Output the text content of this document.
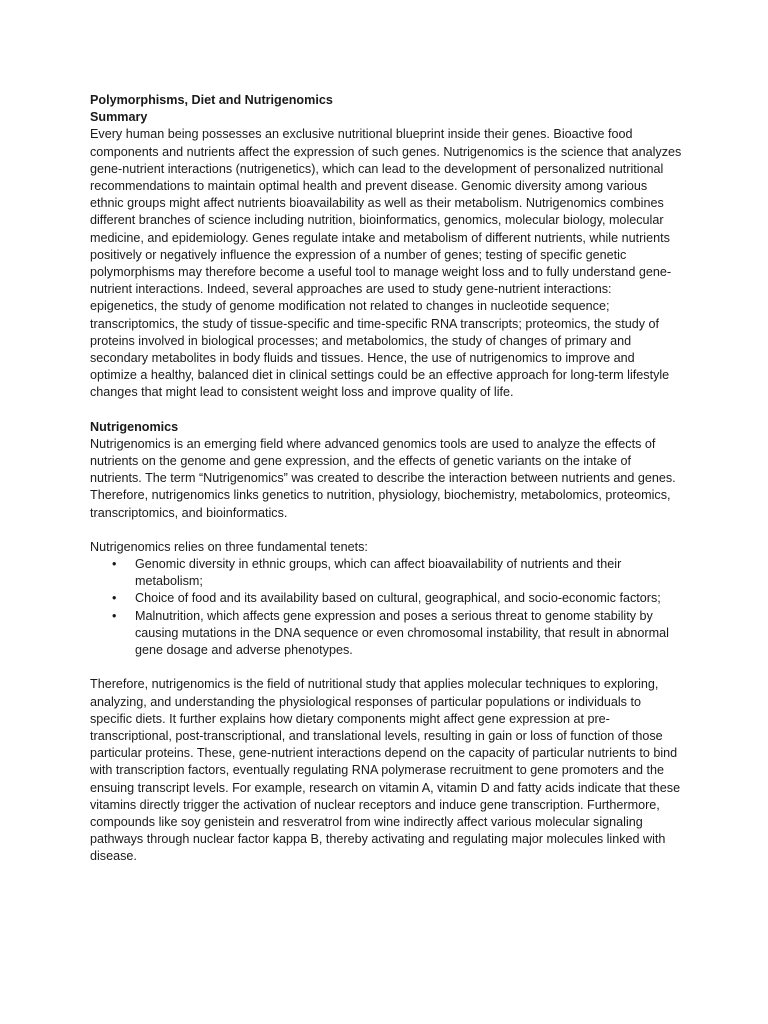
Polymorphisms, Diet and Nutrigenomics

Summary

Every human being possesses an exclusive nutritional blueprint inside their genes. Bioactive food components and nutrients affect the expression of such genes. Nutrigenomics is the science that analyzes gene-nutrient interactions (nutrigenetics), which can lead to the development of personalized nutritional recommendations to maintain optimal health and prevent disease. Genomic diversity among various ethnic groups might affect nutrients bioavailability as well as their metabolism. Nutrigenomics combines different branches of science including nutrition, bioinformatics, genomics, molecular biology, molecular medicine, and epidemiology. Genes regulate intake and metabolism of different nutrients, while nutrients positively or negatively influence the expression of a number of genes; testing of specific genetic polymorphisms may therefore become a useful tool to manage weight loss and to fully understand gene-nutrient interactions. Indeed, several approaches are used to study gene-nutrient interactions: epigenetics, the study of genome modification not related to changes in nucleotide sequence; transcriptomics, the study of tissue-specific and time-specific RNA transcripts; proteomics, the study of proteins involved in biological processes; and metabolomics, the study of changes of primary and secondary metabolites in body fluids and tissues. Hence, the use of nutrigenomics to improve and optimize a healthy, balanced diet in clinical settings could be an effective approach for long-term lifestyle changes that might lead to consistent weight loss and improve quality of life.

Nutrigenomics

Nutrigenomics is an emerging field where advanced genomics tools are used to analyze the effects of nutrients on the genome and gene expression, and the effects of genetic variants on the intake of nutrients. The term “Nutrigenomics” was created to describe the interaction between nutrients and genes. Therefore, nutrigenomics links genetics to nutrition, physiology, biochemistry, metabolomics, proteomics, transcriptomics, and bioinformatics.

Nutrigenomics relies on three fundamental tenets:

• Genomic diversity in ethnic groups, which can affect bioavailability of nutrients and their metabolism;
• Choice of food and its availability based on cultural, geographical, and socio-economic factors;
• Malnutrition, which affects gene expression and poses a serious threat to genome stability by causing mutations in the DNA sequence or even chromosomal instability, that result in abnormal gene dosage and adverse phenotypes.

Therefore, nutrigenomics is the field of nutritional study that applies molecular techniques to exploring, analyzing, and understanding the physiological responses of particular populations or individuals to specific diets. It further explains how dietary components might affect gene expression at pre-transcriptional, post-transcriptional, and translational levels, resulting in gain or loss of function of those particular proteins. These, gene-nutrient interactions depend on the capacity of particular nutrients to bind with transcription factors, eventually regulating RNA polymerase recruitment to gene promoters and the ensuing transcript levels. For example, research on vitamin A, vitamin D and fatty acids indicate that these vitamins directly trigger the activation of nuclear receptors and induce gene transcription. Furthermore, compounds like soy genistein and resveratrol from wine indirectly affect various molecular signaling pathways through nuclear factor kappa B, thereby activating and regulating major molecules linked with disease.
